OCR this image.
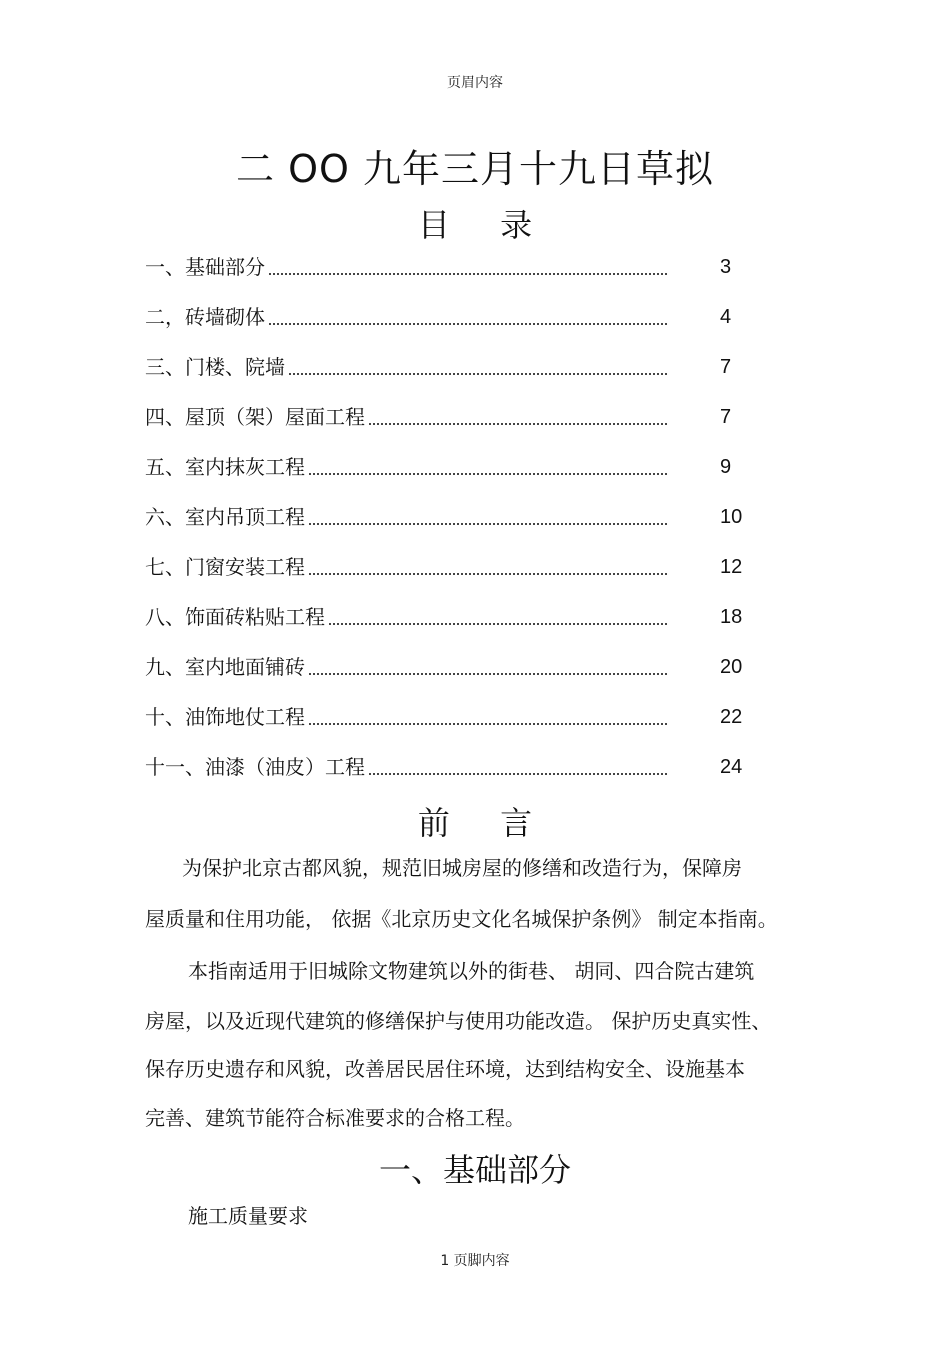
页眉内容
二 OO 九年三月十九日草拟
目 录
一、基础部分	3
二，砖墙砌体	4
三、门楼、院墙	7
四、屋顶（架）屋面工程	7
五、室内抹灰工程	9
六、室内吊顶工程	10
七、门窗安装工程	12
八、饰面砖粘贴工程	18
九、室内地面铺砖	20
十、油饰地仗工程	22
十一、油漆（油皮）工程	24
前 言
为保护北京古都风貌，规范旧城房屋的修缮和改造行为，保障房
屋质量和住用功能， 依据《北京历史文化名城保护条例》 制定本指南。
本指南适用于旧城除文物建筑以外的街巷、 胡同、四合院古建筑
房屋，以及近现代建筑的修缮保护与使用功能改造。 保护历史真实性、
保存历史遗存和风貌，改善居民居住环境，达到结构安全、设施基本
完善、建筑节能符合标准要求的合格工程。
一、基础部分
施工质量要求
1 页脚内容
